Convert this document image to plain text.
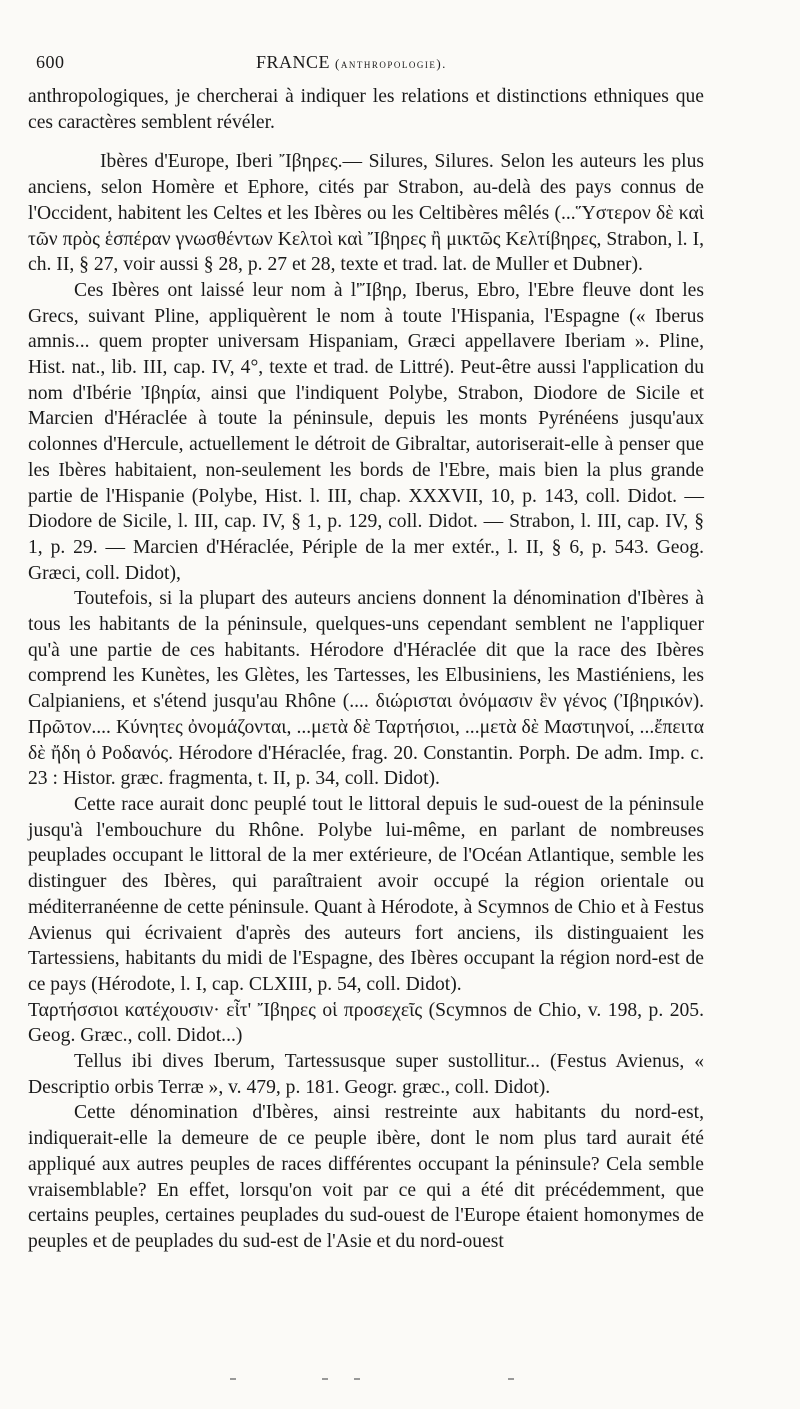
600	FRANCE (anthropologie).

anthropologiques, je chercherai à indiquer les relations et distinctions ethniques que ces caractères semblent révéler.

Ibères d'Europe, Iberi Ἴβηρες.— Silures, Silures. Selon les auteurs les plus anciens, selon Homère et Ephore, cités par Strabon, au-delà des pays connus de l'Occident, habitent les Celtes et les Ibères ou les Celtibères mêlés (...Ὕστερον δὲ καὶ τῶν πρὸς ἑσπέραν γνωσθέντων Κελτοὶ καὶ Ἴβηρες ἢ μικτῶς Κελτίβηρες, Strabon, l. I, ch. II, § 27, voir aussi § 28, p. 27 et 28, texte et trad. lat. de Muller et Dubner).

Ces Ibères ont laissé leur nom à l'Ἴβηρ, Iberus, Ebro, l'Ebre fleuve dont les Grecs, suivant Pline, appliquèrent le nom à toute l'Hispania, l'Espagne (« Iberus amnis... quem propter universam Hispaniam, Græci appellavere Iberiam ». Pline, Hist. nat., lib. III, cap. IV, 4°, texte et trad. de Littré). Peut-être aussi l'application du nom d'Ibérie Ἰβηρία, ainsi que l'indiquent Polybe, Strabon, Diodore de Sicile et Marcien d'Héraclée à toute la péninsule, depuis les monts Pyrénéens jusqu'aux colonnes d'Hercule, actuellement le détroit de Gibraltar, autoriserait-elle à penser que les Ibères habitaient, non-seulement les bords de l'Ebre, mais bien la plus grande partie de l'Hispanie (Polybe, Hist. l. III, chap. XXXVII, 10, p. 143, coll. Didot. — Diodore de Sicile, l. III, cap. IV, § 1, p. 129, coll. Didot. — Strabon, l. III, cap. IV, § 1, p. 29. — Marcien d'Héraclée, Périple de la mer extér., l. II, § 6, p. 543. Geog. Græci, coll. Didot),

Toutefois, si la plupart des auteurs anciens donnent la dénomination d'Ibères à tous les habitants de la péninsule, quelques-uns cependant semblent ne l'appliquer qu'à une partie de ces habitants. Hérodore d'Héraclée dit que la race des Ibères comprend les Kunètes, les Glètes, les Tartesses, les Elbusiniens, les Mastiéniens, les Calpianiens, et s'étend jusqu'au Rhône (.... διώρισται ὀνόμασιν ἓν γένος (Ἰβηρικόν). Πρῶτον.... Κύνητες ὀνομάζονται, ...μετὰ δὲ Ταρτήσιοι, ...μετὰ δὲ Μαστιηνοί, ...ἔπειτα δὲ ἤδη ὁ Ροδανός. Hérodore d'Héraclée, frag. 20. Constantin. Porph. De adm. Imp. c. 23 : Histor. græc. fragmenta, t. II, p. 34, coll. Didot).

Cette race aurait donc peuplé tout le littoral depuis le sud-ouest de la péninsule jusqu'à l'embouchure du Rhône. Polybe lui-même, en parlant de nombreuses peuplades occupant le littoral de la mer extérieure, de l'Océan Atlantique, semble les distinguer des Ibères, qui paraîtraient avoir occupé la région orientale ou méditerranéenne de cette péninsule. Quant à Hérodote, à Scymnos de Chio et à Festus Avienus qui écrivaient d'après des auteurs fort anciens, ils distinguaient les Tartessiens, habitants du midi de l'Espagne, des Ibères occupant la région nord-est de ce pays (Hérodote, l. I, cap. CLXIII, p. 54, coll. Didot).

Ταρτήσσιοι κατέχουσιν· εἶτ' Ἴβηρες οἱ προσεχεῖς (Scymnos de Chio, v. 198, p. 205. Geog. Græc., coll. Didot...)

Tellus ibi dives Iberum, Tartessusque super sustollitur... (Festus Avienus, « Descriptio orbis Terræ », v. 479, p. 181. Geogr. græc., coll. Didot).

Cette dénomination d'Ibères, ainsi restreinte aux habitants du nord-est, indiquerait-elle la demeure de ce peuple ibère, dont le nom plus tard aurait été appliqué aux autres peuples de races différentes occupant la péninsule? Cela semble vraisemblable? En effet, lorsqu'on voit par ce qui a été dit précédemment, que certains peuples, certaines peuplades du sud-ouest de l'Europe étaient homonymes de peuples et de peuplades du sud-est de l'Asie et du nord-ouest
